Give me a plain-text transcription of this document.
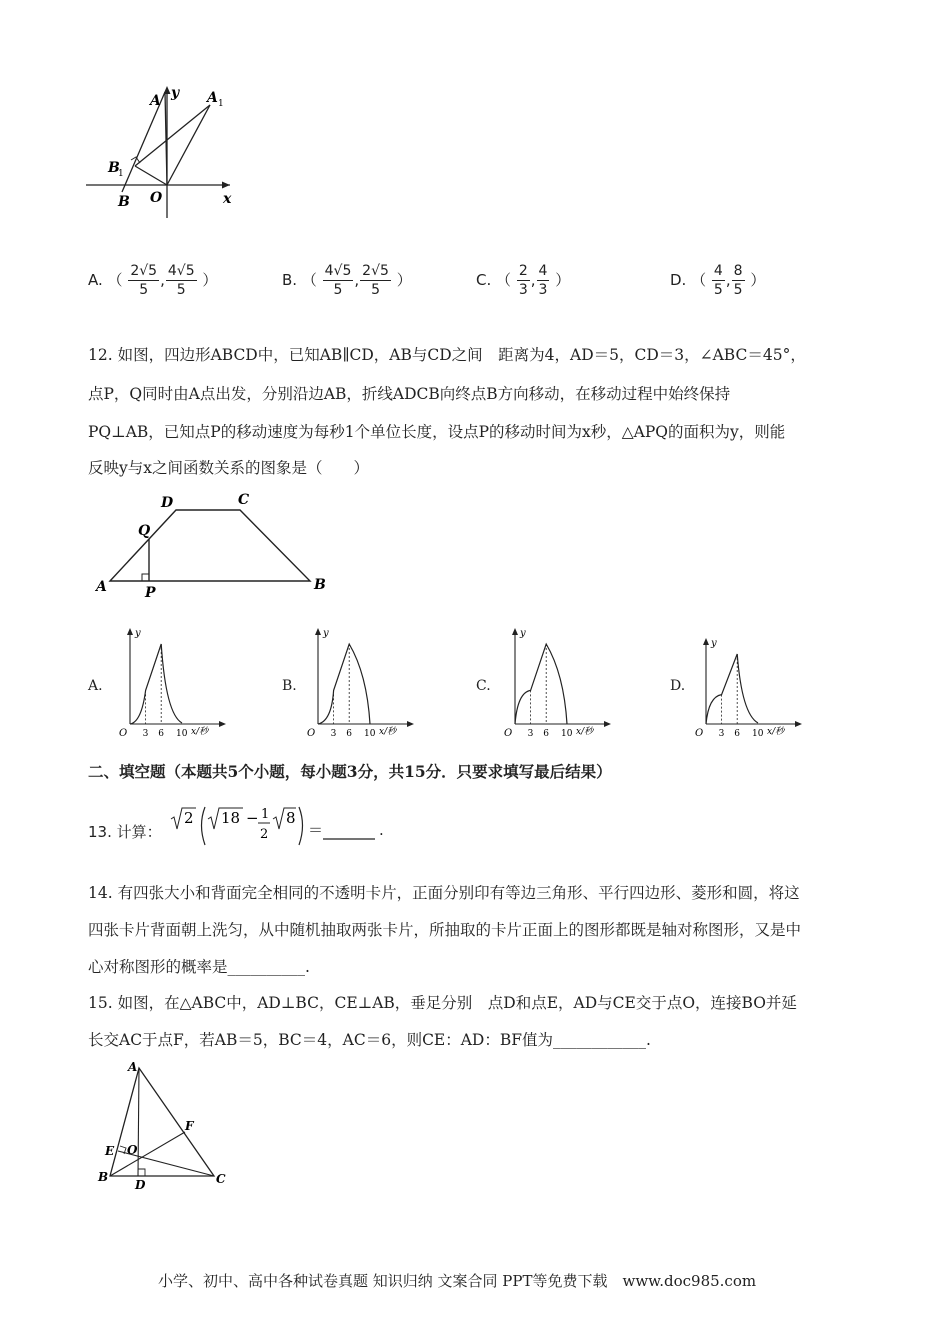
A y A 1
B
1
O	x
B
A. （ $\frac{2√5}{5}$ , $\frac{4√5}{5}$ ）	B. （ $\frac{4√5}{5}$ , $\frac{2√5}{5}$ ）	C. （ $\frac{2}{3}$ , $\frac{4}{3}$ ）	D. （ $\frac{4}{5}$ , $\frac{8}{5}$ ）
12. 如图，四边形ABCD中，已知AB∥CD，AB与CD之间　距离为4，AD＝5，CD＝3，∠ABC＝45°，
点P，Q同时由A点出发，分别沿边AB，折线ADCB向终点B方向移动，在移动过程中始终保持
PQ⊥AB，已知点P的移动速度为每秒1个单位长度，设点P的移动时间为x秒，△APQ的面积为y，则能
反映y与x之间函数关系的图象是（　　）
D	C
Q
A	P	B
A.
y
O 3 6 10 x/秒
B.
y
O 3 6 10 x/秒
C.
y
O 3 6 10 x/秒
D.
y
O 3 6 10 x/秒
二、填空题（本题共5个小题，每小题3分，共15分．只要求填写最后结果）
13. 计算：
2 18 − 1
2
8
＝	.
14. 有四张大小和背面完全相同的不透明卡片，正面分别印有等边三角形、平行四边形、菱形和圆，将这
四张卡片背面朝上洗匀，从中随机抽取两张卡片，所抽取的卡片正面上的图形都既是轴对称图形，又是中
心对称图形的概率是__________.
15. 如图，在△ABC中，AD⊥BC，CE⊥AB，垂足分别　点D和点E，AD与CE交于点O，连接BO并延
长交AC于点F，若AB＝5，BC＝4，AC＝6，则CE：AD：BF值为____________.
A
F
E O
B
D	C
小学、初中、高中各种试卷真题 知识归纳 文案合同 PPT等免费下载　www.doc985.com
